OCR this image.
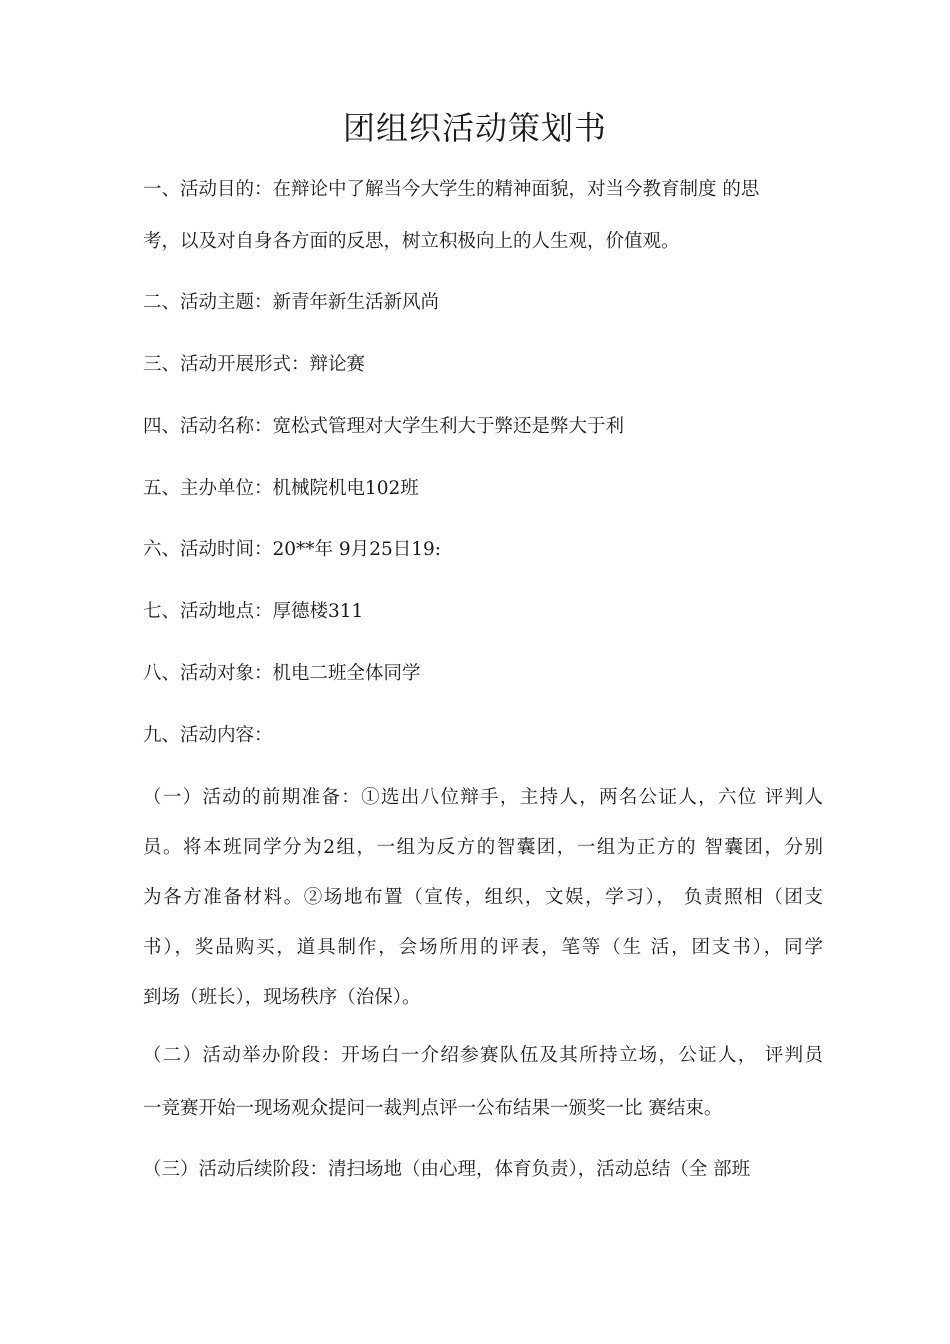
团组织活动策划书
一、活动目的：在辩论中了解当今大学生的精神面貌，对当今教育制度 的思
考，以及对自身各方面的反思，树立积极向上的人生观，价值观。
二、活动主题：新青年新生活新风尚
三、活动开展形式：辩论赛
四、活动名称：宽松式管理对大学生利大于弊还是弊大于利
五、主办单位：机械院机电102班
六、活动时间：20**年 9月25日19:
七、活动地点：厚德楼311
八、活动对象：机电二班全体同学
九、活动内容：
（一）活动的前期准备：①选出八位辩手，主持人，两名公证人，六位 评判人
员。将本班同学分为2组，一组为反方的智囊团，一组为正方的 智囊团，分别
为各方准备材料。②场地布置（宣传，组织，文娱，学习）， 负责照相（团支
书），奖品购买，道具制作，会场所用的评表，笔等（生 活，团支书），同学
到场（班长），现场秩序（治保）。
（二）活动举办阶段：开场白一介绍参赛队伍及其所持立场，公证人， 评判员
一竞赛开始一现场观众提问一裁判点评一公布结果一颁奖一比 赛结束。
（三）活动后续阶段：清扫场地（由心理，体育负责），活动总结（全 部班
